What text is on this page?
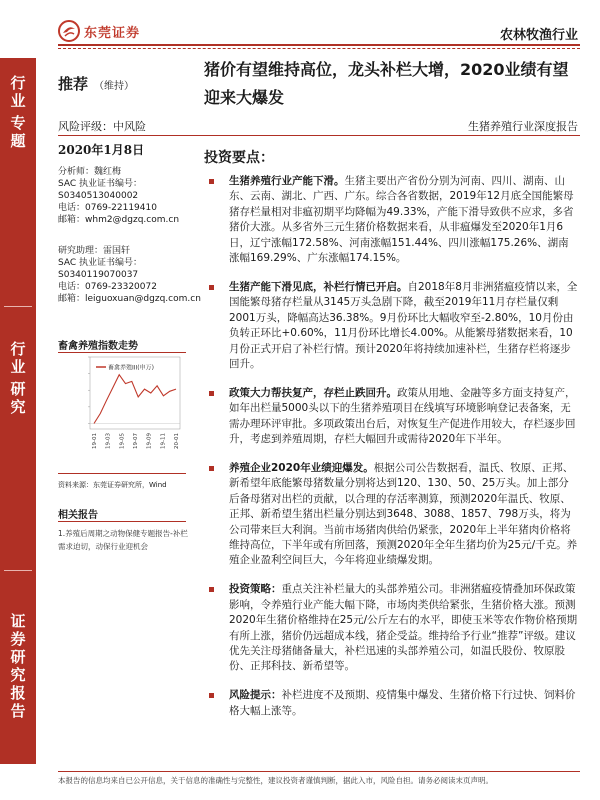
东莞证券	农林牧渔行业
行
业
专
题
行
业
研
究
证
券
研
究
报
告
推荐 （维持）
猪价有望维持高位，龙头补栏大增，2020业绩有望迎来大爆发
风险评级：中风险	生猪养殖行业深度报告
2020年1月8日
分析师：魏红梅
SAC 执业证书编号：
S0340513040002
电话：0769-22119410
邮箱：whm2@dgzq.com.cn
研究助理：雷国轩
SAC 执业证书编号：
S0340119070037
电话：0769-23320072
邮箱：leiguoxuan@dgzq.com.cn
畜禽养殖指数走势
畜禽养殖III(申万)
19-01 19-03 19-05 19-07 19-09 19-11 20-01
资料来源：东莞证券研究所，Wind
相关报告
1.养殖后周期之动物保健专题报告-补栏需求迫切，动保行业迎机会
投资要点：

生猪养殖行业产能下滑。生猪主要出产省份分别为河南、四川、湖南、山东、云南、湖北、广西、广东。综合各省数据，2019年12月底全国能繁母猪存栏量相对非瘟初期平均降幅为49.33%，产能下滑导致供不应求，多省猪价大涨。从多省外三元生猪价格数据来看，从非瘟爆发至2020年1月6日，辽宁涨幅172.58%、河南涨幅151.44%、四川涨幅175.26%、湖南涨幅169.29%、广东涨幅174.15%。

生猪产能下滑见底，补栏行情已开启。自2018年8月非洲猪瘟疫情以来，全国能繁母猪存栏量从3145万头急剧下降，截至2019年11月存栏量仅剩2001万头，降幅高达36.38%。9月份环比大幅收窄至-2.80%，10月份由负转正环比+0.60%，11月份环比增长4.00%。从能繁母猪数据来看，10月份正式开启了补栏行情。预计2020年将持续加速补栏，生猪存栏将逐步回升。

政策大力帮扶复产，存栏止跌回升。政策从用地、金融等多方面支持复产，如年出栏量5000头以下的生猪养殖项目在线填写环境影响登记表备案，无需办理环评审批。多项政策出台后，对恢复生产促进作用较大，存栏逐步回升，考虑到养殖周期，存栏大幅回升或需待2020年下半年。

养殖企业2020年业绩迎爆发。根据公司公告数据看，温氏、牧原、正邦、新希望年底能繁母猪数量分别将达到120、130、50、25万头。加上部分后备母猪对出栏的贡献，以合理的存活率测算，预测2020年温氏、牧原、正邦、新希望生猪出栏量分别达到3648、3088、1857、798万头，将为公司带来巨大利润。当前市场猪肉供给仍紧张，2020年上半年猪肉价格将维持高位，下半年或有所回落，预测2020年全年生猪均价为25元/千克。养殖企业盈利空间巨大，今年将迎业绩爆发期。

投资策略：重点关注补栏量大的头部养殖公司。非洲猪瘟疫情叠加环保政策影响，令养殖行业产能大幅下降，市场肉类供给紧张，生猪价格大涨。预测2020年生猪价格维持在25元/公斤左右的水平，即使玉米等农作物价格预期有所上涨，猪价仍远超成本线，猪企受益。维持给予行业“推荐”评级。建议优先关注母猪储备量大，补栏迅速的头部养殖公司，如温氏股份、牧原股份、正邦科技、新希望等。

风险提示：补栏进度不及预期、疫情集中爆发、生猪价格下行过快、饲料价格大幅上涨等。

本报告的信息均来自已公开信息，关于信息的准确性与完整性，建议投资者谨慎判断，据此入市，风险自担。请务必阅读末页声明。
